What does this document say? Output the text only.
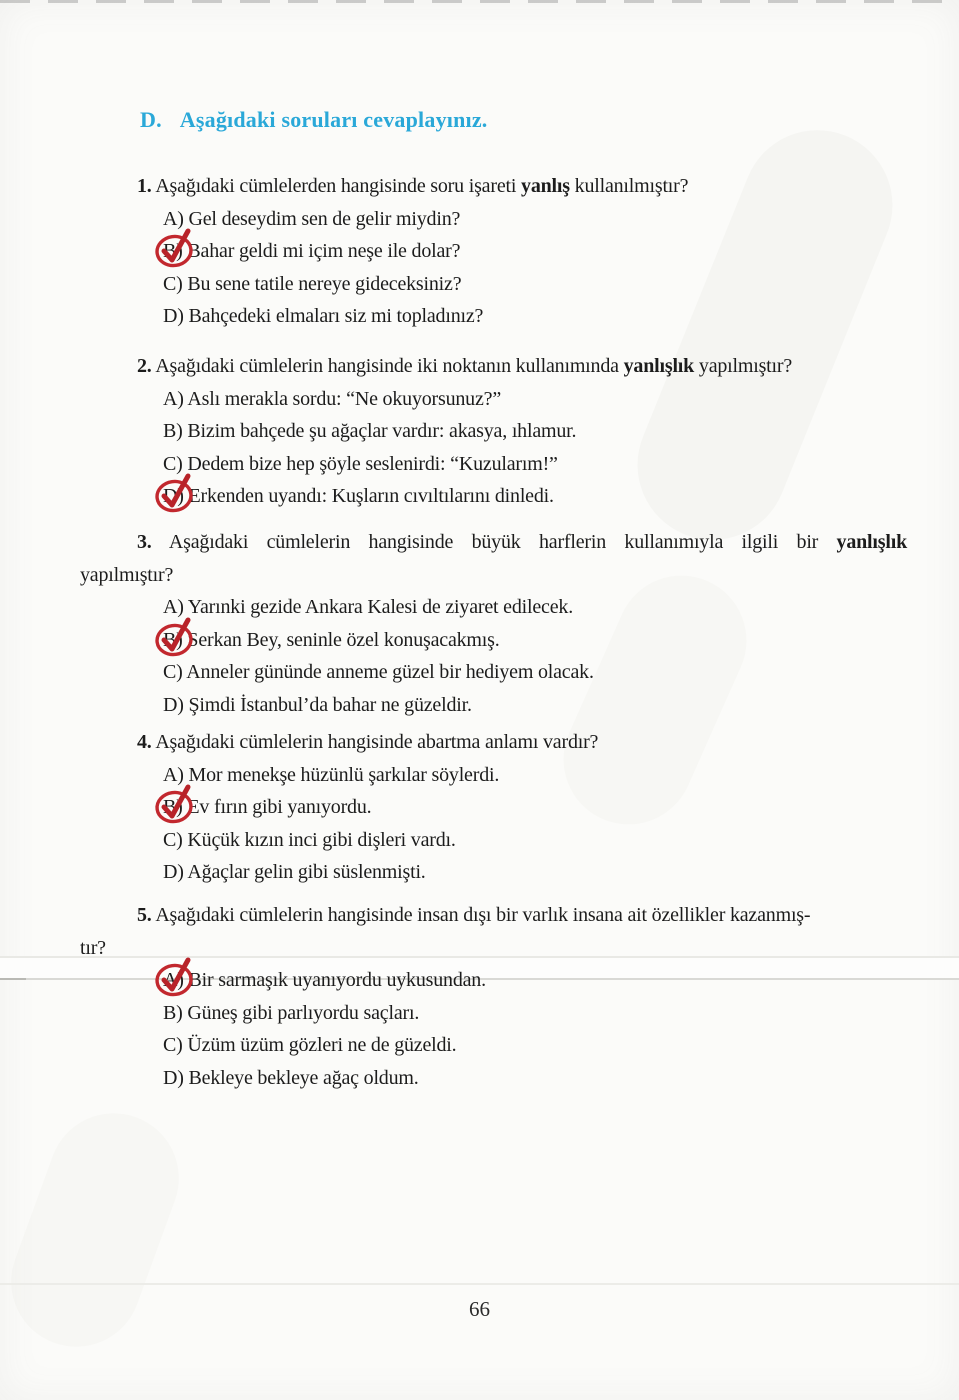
D. Aşağıdaki soruları cevaplayınız.
1. Aşağıdaki cümlelerden hangisinde soru işareti yanlış kullanılmıştır?
A) Gel deseydim sen de gelir miydin?
B) Bahar geldi mi içim neşe ile dolar?
C) Bu sene tatile nereye gideceksiniz?
D) Bahçedeki elmaları siz mi topladınız?
2. Aşağıdaki cümlelerin hangisinde iki noktanın kullanımında yanlışlık yapılmıştır?
A) Aslı merakla sordu: “Ne okuyorsunuz?”
B) Bizim bahçede şu ağaçlar vardır: akasya, ıhlamur.
C) Dedem bize hep şöyle seslenirdi: “Kuzularım!”
D) Erkenden uyandı: Kuşların cıvıltılarını dinledi.
3. Aşağıdaki cümlelerin hangisinde büyük harflerin kullanımıyla ilgili bir yanlışlık
yapılmıştır?
A) Yarınki gezide Ankara Kalesi de ziyaret edilecek.
B) Serkan Bey, seninle özel konuşacakmış.
C) Anneler gününde anneme güzel bir hediyem olacak.
D) Şimdi İstanbul’da bahar ne güzeldir.
4. Aşağıdaki cümlelerin hangisinde abartma anlamı vardır?
A) Mor menekşe hüzünlü şarkılar söylerdi.
B) Ev fırın gibi yanıyordu.
C) Küçük kızın inci gibi dişleri vardı.
D) Ağaçlar gelin gibi süslenmişti.
5. Aşağıdaki cümlelerin hangisinde insan dışı bir varlık insana ait özellikler kazanmış-
tır?
A) Bir sarmaşık uyanıyordu uykusundan.
B) Güneş gibi parlıyordu saçları.
C) Üzüm üzüm gözleri ne de güzeldi.
D) Bekleye bekleye ağaç oldum.
66
